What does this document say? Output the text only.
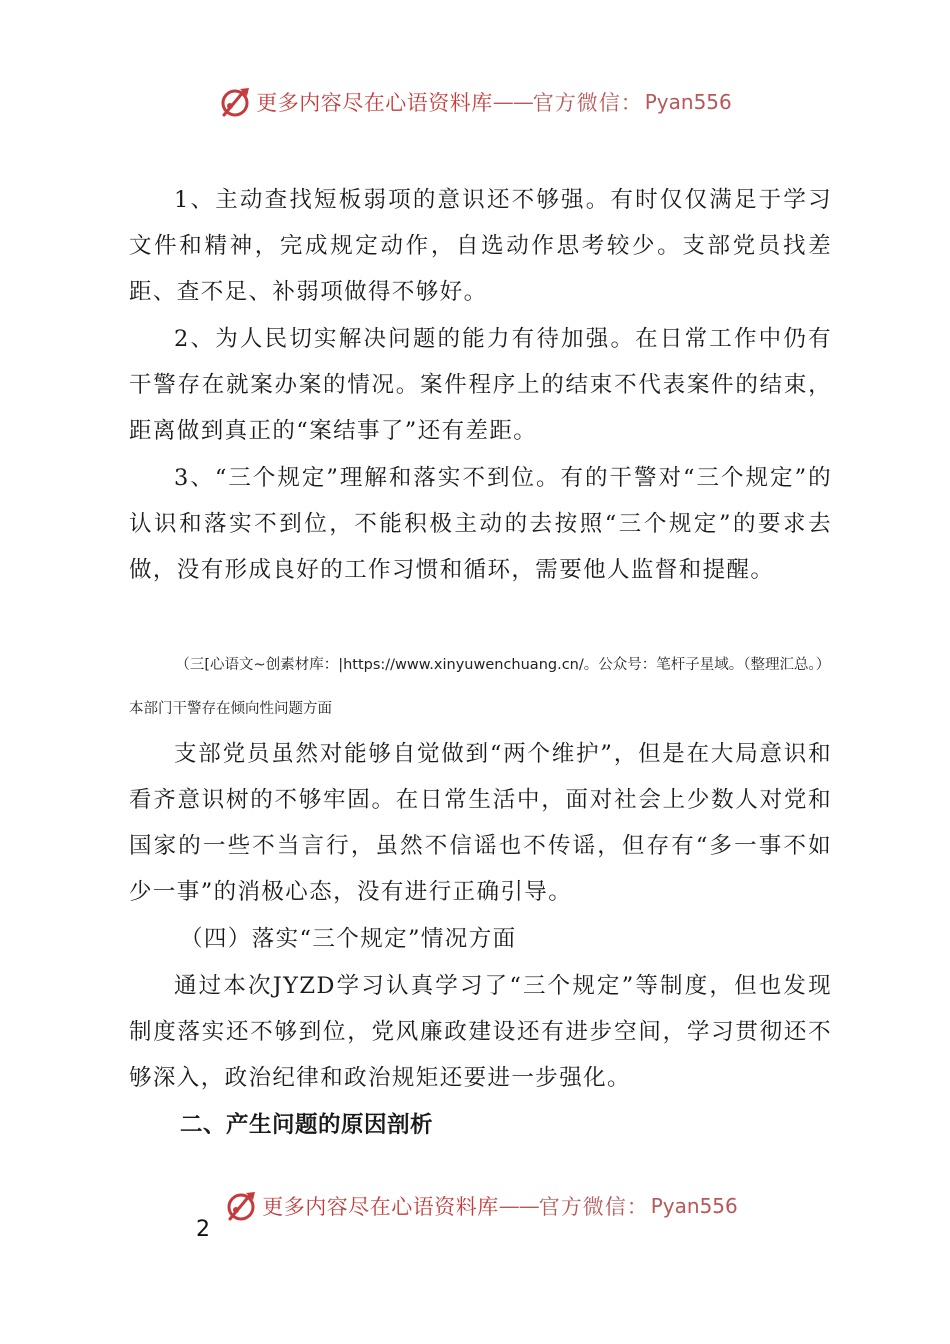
更多内容尽在心语资料库 —— 官方微信： Pyan556

1、主动查找短板弱项的意识还不够强。有时仅仅满足于学习文件和精神，完成规定动作，自选动作思考较少。支部党员找差距、查不足、补弱项做得不够好。

2、为人民切实解决问题的能力有待加强。在日常工作中仍有干警存在就案办案的情况。案件程序上的结束不代表案件的结束，距离做到真正的“案结事了”还有差距。

3、“三个规定”理解和落实不到位。有的干警对“三个规定”的认识和落实不到位，不能积极主动的去按照“三个规定”的要求去做，没有形成良好的工作习惯和循环，需要他人监督和提醒。

（三[心语文~创素材库：|https://www.xinyuwenchuang.cn/。公众号：笔杆子星域。（整理汇总。）本部门干警存在倾向性问题方面

支部党员虽然对能够自觉做到“两个维护”，但是在大局意识和看齐意识树的不够牢固。在日常生活中，面对社会上少数人对党和国家的一些不当言行，虽然不信谣也不传谣，但存有“多一事不如少一事”的消极心态，没有进行正确引导。

（四）落实“三个规定”情况方面

通过本次JYZD学习认真学习了“三个规定”等制度，但也发现制度落实还不够到位，党风廉政建设还有进步空间，学习贯彻还不够深入，政治纪律和政治规矩还要进一步强化。

二、产生问题的原因剖析

更多内容尽在心语资料库 —— 官方微信： Pyan556
2
